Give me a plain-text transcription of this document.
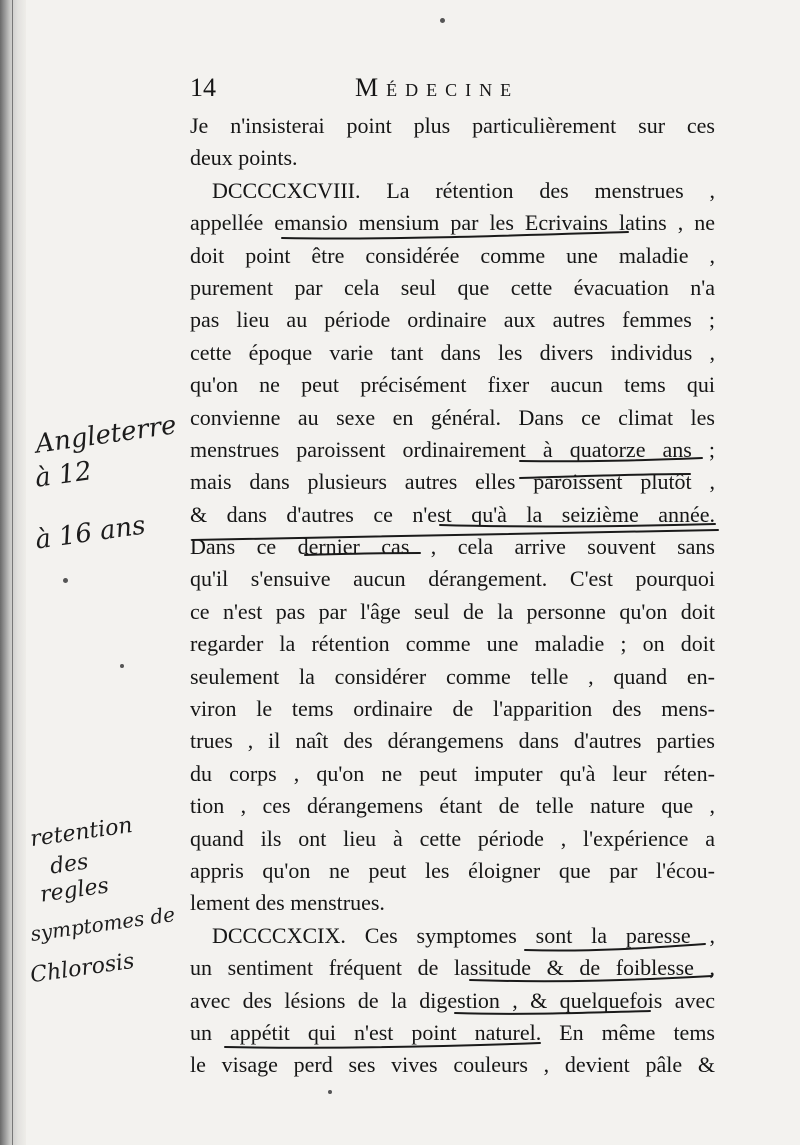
14	Médecine
Je n'insisterai point plus particulièrement sur ces
deux points.
DCCCCXCVIII. La rétention des menstrues ,
appellée emansio mensium par les Ecrivains latins , ne
doit point être considérée comme une maladie ,
purement par cela seul que cette évacuation n'a
pas lieu au période ordinaire aux autres femmes ;
cette époque varie tant dans les divers individus ,
qu'on ne peut précisément fixer aucun tems qui
convienne au sexe en général. Dans ce climat les
menstrues paroissent ordinairement à quatorze ans ;
mais dans plusieurs autres elles paroissent plutôt ,
& dans d'autres ce n'est qu'à la seizième année.
Dans ce dernier cas , cela arrive souvent sans
qu'il s'ensuive aucun dérangement. C'est pourquoi
ce n'est pas par l'âge seul de la personne qu'on doit
regarder la rétention comme une maladie ; on doit
seulement la considérer comme telle , quand en-
viron le tems ordinaire de l'apparition des mens-
trues , il naît des dérangemens dans d'autres parties
du corps , qu'on ne peut imputer qu'à leur réten-
tion , ces dérangemens étant de telle nature que ,
quand ils ont lieu à cette période , l'expérience a
appris qu'on ne peut les éloigner que par l'écou-
lement des menstrues.
DCCCCXCIX. Ces symptomes sont la paresse ,
un sentiment fréquent de lassitude & de foiblesse ,
avec des lésions de la digestion , & quelquefois avec
un appétit qui n'est point naturel. En même tems
le visage perd ses vives couleurs , devient pâle &
Angleterre
à 12
à 16 ans
retention
des
regles
symptomes de
Chlorosis
